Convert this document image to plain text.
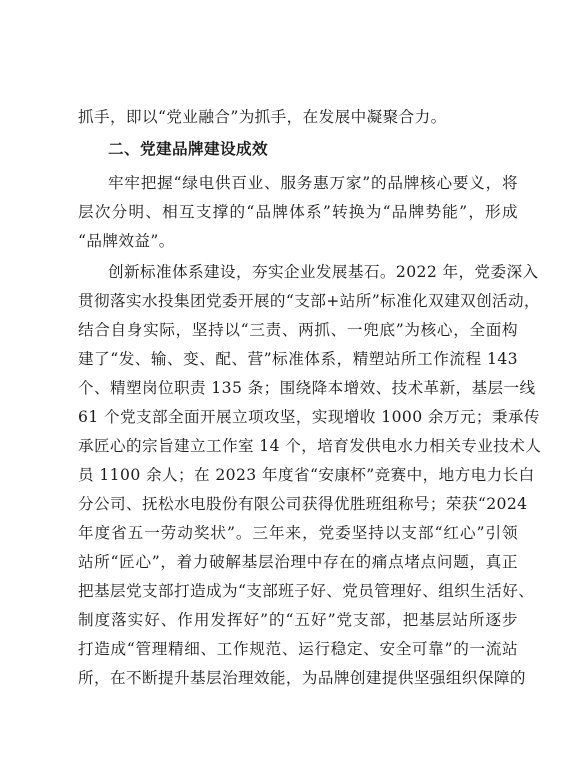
抓手，即以“党业融合”为抓手，在发展中凝聚合力。
二、党建品牌建设成效
牢牢把握“绿电供百业、服务惠万家”的品牌核心要义，将
层次分明、相互支撑的“品牌体系”转换为“品牌势能”，形成
“品牌效益”。
创新标准体系建设，夯实企业发展基石。2022 年，党委深入
贯彻落实水投集团党委开展的“支部+站所”标准化双建双创活动，
结合自身实际，坚持以“三责、两抓、一兜底”为核心，全面构
建了“发、输、变、配、营”标准体系，精塑站所工作流程 143
个、精塑岗位职责 135 条；围绕降本增效、技术革新，基层一线
61 个党支部全面开展立项攻坚，实现增收 1000 余万元；秉承传
承匠心的宗旨建立工作室 14 个，培育发供电水力相关专业技术人
员 1100 余人；在 2023 年度省“安康杯”竞赛中，地方电力长白
分公司、抚松水电股份有限公司获得优胜班组称号；荣获“2024
年度省五一劳动奖状”。三年来，党委坚持以支部“红心”引领
站所“匠心”，着力破解基层治理中存在的痛点堵点问题，真正
把基层党支部打造成为“支部班子好、党员管理好、组织生活好、
制度落实好、作用发挥好”的“五好”党支部，把基层站所逐步
打造成“管理精细、工作规范、运行稳定、安全可靠”的一流站
所，在不断提升基层治理效能，为品牌创建提供坚强组织保障的
